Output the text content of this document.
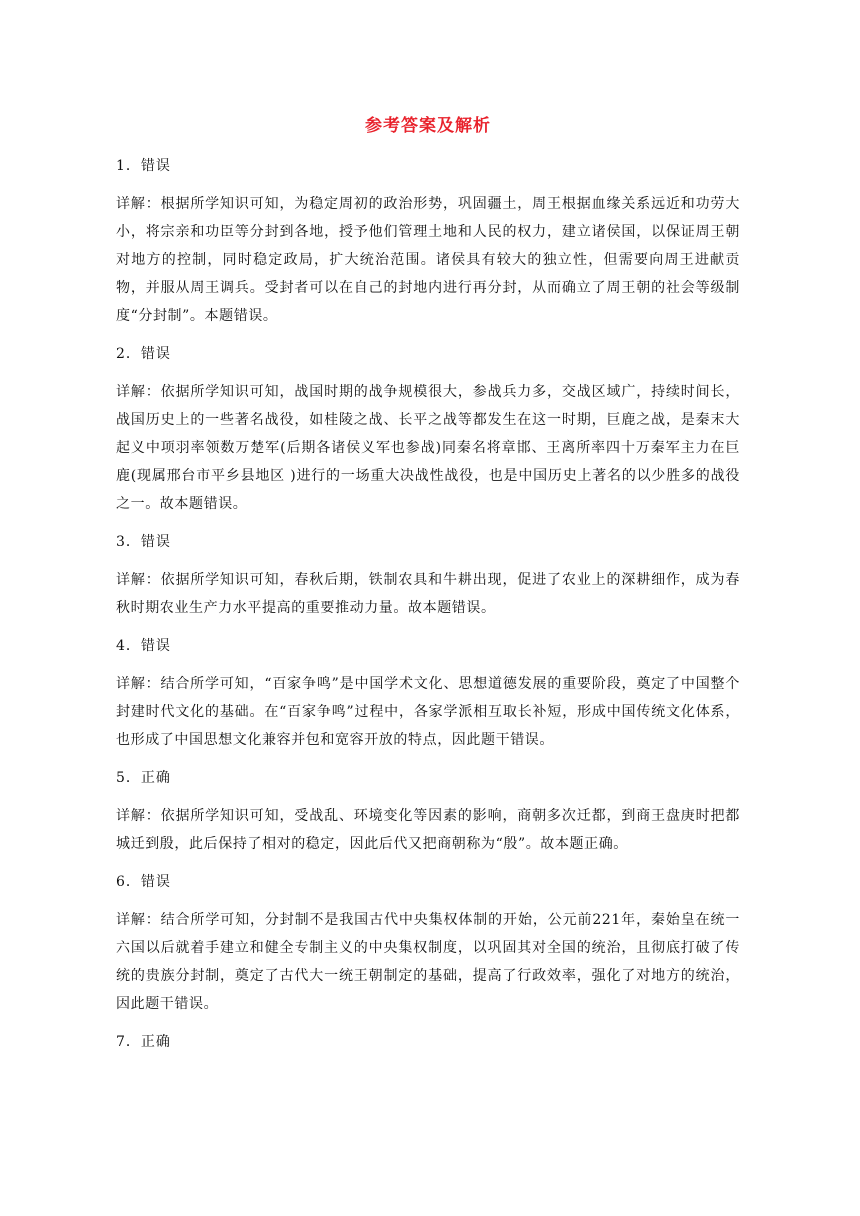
参考答案及解析
1．错误
详解：根据所学知识可知，为稳定周初的政治形势，巩固疆土，周王根据血缘关系远近和功劳大小，将宗亲和功臣等分封到各地，授予他们管理土地和人民的权力，建立诸侯国，以保证周王朝对地方的控制，同时稳定政局，扩大统治范围。诸侯具有较大的独立性，但需要向周王进献贡物，并服从周王调兵。受封者可以在自己的封地内进行再分封，从而确立了周王朝的社会等级制度“分封制”。本题错误。
2．错误
详解：依据所学知识可知，战国时期的战争规模很大，参战兵力多，交战区域广，持续时间长，战国历史上的一些著名战役，如桂陵之战、长平之战等都发生在这一时期，巨鹿之战，是秦末大起义中项羽率领数万楚军(后期各诸侯义军也参战)同秦名将章邯、王离所率四十万秦军主力在巨鹿(现属邢台市平乡县地区 )进行的一场重大决战性战役，也是中国历史上著名的以少胜多的战役之一。故本题错误。
3．错误
详解：依据所学知识可知，春秋后期，铁制农具和牛耕出现，促进了农业上的深耕细作，成为春秋时期农业生产力水平提高的重要推动力量。故本题错误。
4．错误
详解：结合所学可知，“百家争鸣”是中国学术文化、思想道德发展的重要阶段，奠定了中国整个封建时代文化的基础。在“百家争鸣”过程中，各家学派相互取长补短，形成中国传统文化体系，也形成了中国思想文化兼容并包和宽容开放的特点，因此题干错误。
5．正确
详解：依据所学知识可知，受战乱、环境变化等因素的影响，商朝多次迁都，到商王盘庚时把都城迁到殷，此后保持了相对的稳定，因此后代又把商朝称为“殷”。故本题正确。
6．错误
详解：结合所学可知，分封制不是我国古代中央集权体制的开始，公元前221年，秦始皇在统一六国以后就着手建立和健全专制主义的中央集权制度，以巩固其对全国的统治，且彻底打破了传统的贵族分封制，奠定了古代大一统王朝制定的基础，提高了行政效率，强化了对地方的统治，因此题干错误。
7．正确
